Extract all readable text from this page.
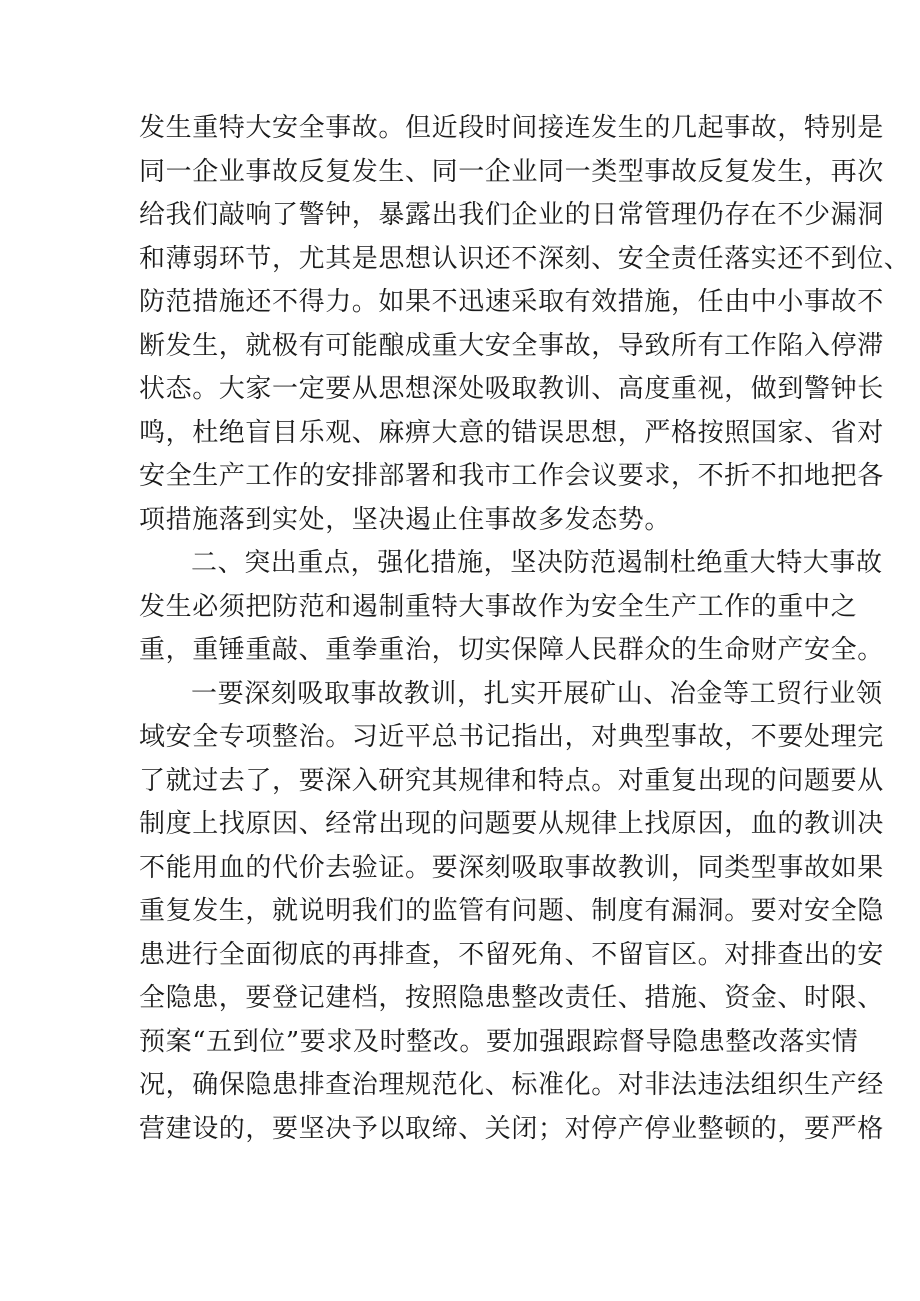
发生重特大安全事故。但近段时间接连发生的几起事故，特别是
同一企业事故反复发生、同一企业同一类型事故反复发生，再次
给我们敲响了警钟，暴露出我们企业的日常管理仍存在不少漏洞
和薄弱环节，尤其是思想认识还不深刻、安全责任落实还不到位、
防范措施还不得力。如果不迅速采取有效措施，任由中小事故不
断发生，就极有可能酿成重大安全事故，导致所有工作陷入停滞
状态。大家一定要从思想深处吸取教训、高度重视，做到警钟长
鸣，杜绝盲目乐观、麻痹大意的错误思想，严格按照国家、省对
安全生产工作的安排部署和我市工作会议要求，不折不扣地把各
项措施落到实处，坚决遏止住事故多发态势。
二、突出重点，强化措施，坚决防范遏制杜绝重大特大事故
发生必须把防范和遏制重特大事故作为安全生产工作的重中之
重，重锤重敲、重拳重治，切实保障人民群众的生命财产安全。
一要深刻吸取事故教训，扎实开展矿山、冶金等工贸行业领
域安全专项整治。习近平总书记指出，对典型事故，不要处理完
了就过去了，要深入研究其规律和特点。对重复出现的问题要从
制度上找原因、经常出现的问题要从规律上找原因，血的教训决
不能用血的代价去验证。要深刻吸取事故教训，同类型事故如果
重复发生，就说明我们的监管有问题、制度有漏洞。要对安全隐
患进行全面彻底的再排查，不留死角、不留盲区。对排查出的安
全隐患，要登记建档，按照隐患整改责任、措施、资金、时限、
预案“五到位”要求及时整改。要加强跟踪督导隐患整改落实情
况，确保隐患排查治理规范化、标准化。对非法违法组织生产经
营建设的，要坚决予以取缔、关闭；对停产停业整顿的，要严格
